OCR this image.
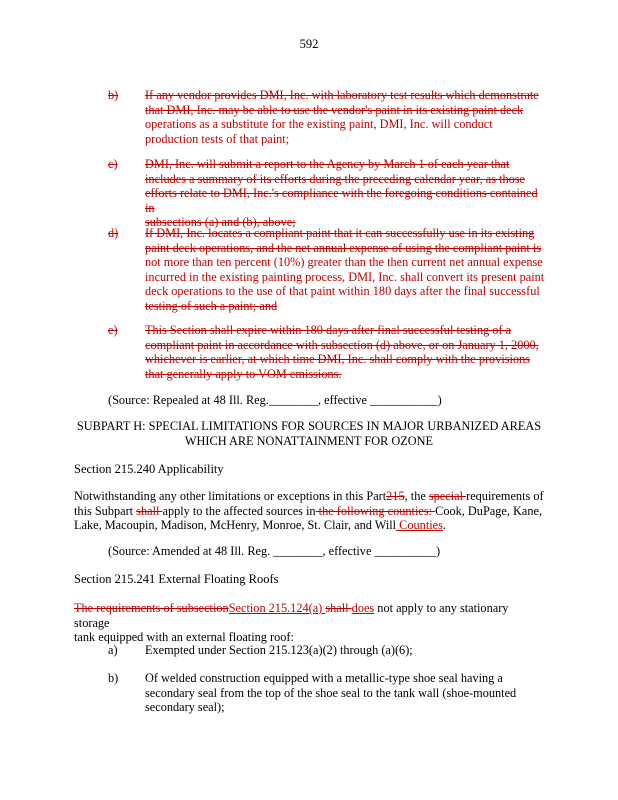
592
b) If any vendor provides DMI, Inc. with laboratory test results which demonstrate
that DMI, Inc. may be able to use the vendor's paint in its existing paint deck
operations as a substitute for the existing paint, DMI, Inc. will conduct
production tests of that paint;
c) DMI, Inc. will submit a report to the Agency by March 1 of each year that
includes a summary of its efforts during the preceding calendar year, as those
efforts relate to DMI, Inc.'s compliance with the foregoing conditions contained in
subsections (a) and (b), above;
d) If DMI, Inc. locates a compliant paint that it can successfully use in its existing
paint deck operations, and the net annual expense of using the compliant paint is
not more than ten percent (10%) greater than the then current net annual expense
incurred in the existing painting process, DMI, Inc. shall convert its present paint
deck operations to the use of that paint within 180 days after the final successful
testing of such a paint; and
e) This Section shall expire within 180 days after final successful testing of a
compliant paint in accordance with subsection (d) above, or on January 1, 2000,
whichever is earlier, at which time DMI, Inc. shall comply with the provisions
that generally apply to VOM emissions.
(Source: Repealed at 48 Ill. Reg.________, effective ___________)
SUBPART H: SPECIAL LIMITATIONS FOR SOURCES IN MAJOR URBANIZED AREAS
WHICH ARE NONATTAINMENT FOR OZONE
Section 215.240 Applicability
Notwithstanding any other limitations or exceptions in this Part215, the special requirements of
this Subpart shall apply to the affected sources in the following counties: Cook, DuPage, Kane,
Lake, Macoupin, Madison, McHenry, Monroe, St. Clair, and Will Counties.
(Source: Amended at 48 Ill. Reg. ________, effective __________)
Section 215.241 External Floating Roofs
The requirements of subsectionSection 215.124(a) shall does not apply to any stationary storage
tank equipped with an external floating roof:
a) Exempted under Section 215.123(a)(2) through (a)(6);
b) Of welded construction equipped with a metallic-type shoe seal having a
secondary seal from the top of the shoe seal to the tank wall (shoe-mounted
secondary seal);
